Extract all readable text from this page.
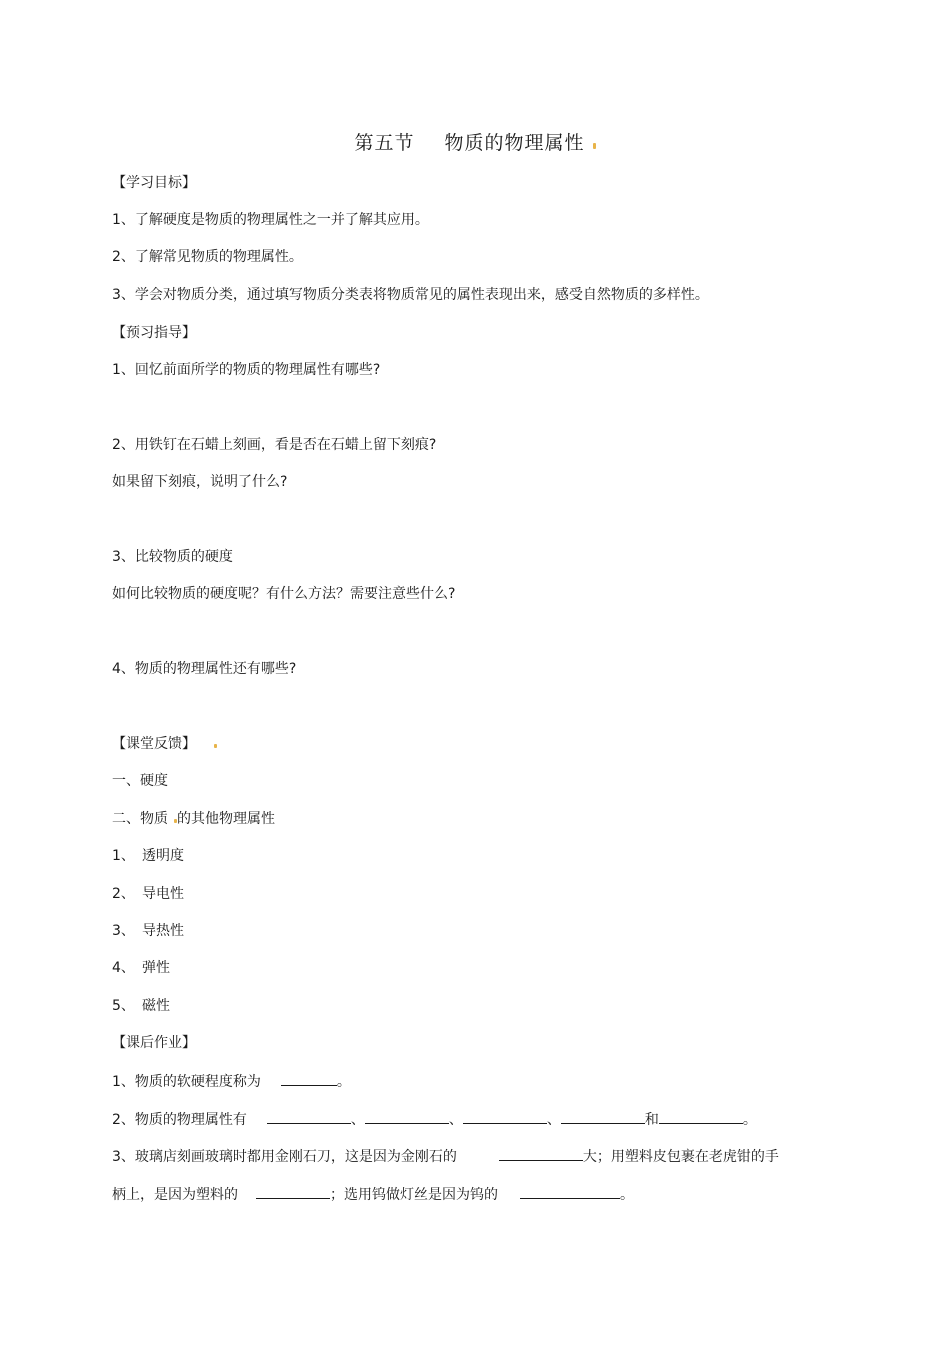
第五节 物质的物理属性
【学习目标】
1、了解硬度是物质的物理属性之一并了解其应用。
2、了解常见物质的物理属性。
3、学会对物质分类，通过填写物质分类表将物质常见的属性表现出来，感受自然物质的多样性。
【预习指导】
1、回忆前面所学的物质的物理属性有哪些?
2、用铁钉在石蜡上刻画，看是否在石蜡上留下刻痕?
如果留下刻痕，说明了什么?
3、比较物质的硬度
如何比较物质的硬度呢？有什么方法？需要注意些什么?
4、物质的物理属性还有哪些?
【课堂反馈】
一、硬度
二、物质 的其他物理属性
1、 透明度
2、 导电性
3、 导热性
4、 弹性
5、 磁性
【课后作业】
1、物质的软硬程度称为	。
2、物质的物理属性有	、	、	、	和	。
3、玻璃店刻画玻璃时都用金刚石刀，这是因为金刚石的	大；用塑料皮包裹在老虎钳的手
柄上，是因为塑料的	；选用钨做灯丝是因为钨的	。
